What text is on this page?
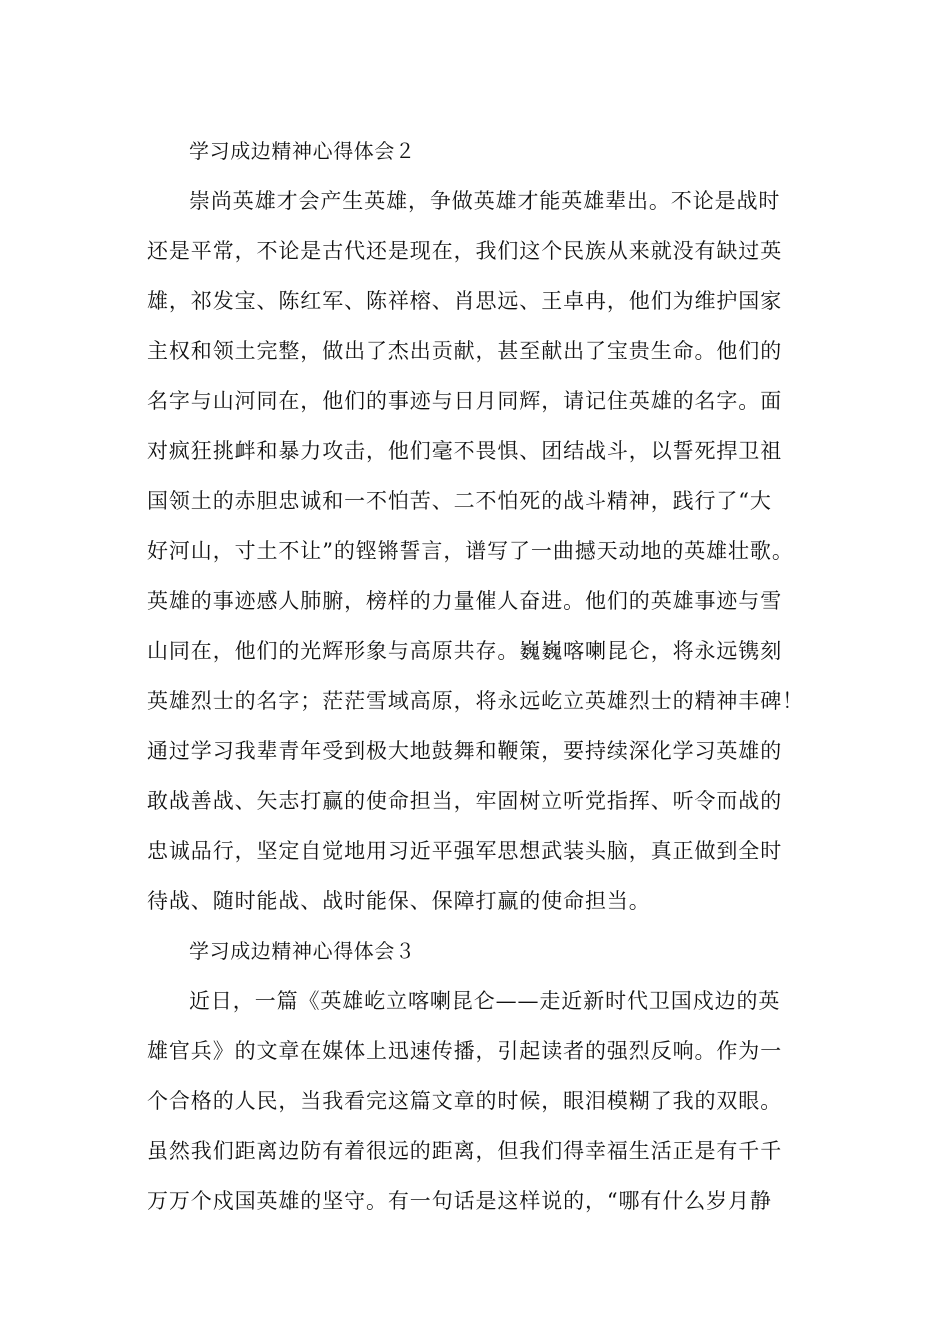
学习成边精神心得体会２
崇尚英雄才会产生英雄，争做英雄才能英雄辈出。不论是战时
还是平常，不论是古代还是现在，我们这个民族从来就没有缺过英
雄，祁发宝、陈红军、陈祥榕、肖思远、王卓冉，他们为维护国家
主权和领土完整，做出了杰出贡献，甚至献出了宝贵生命。他们的
名字与山河同在，他们的事迹与日月同辉，请记住英雄的名字。面
对疯狂挑衅和暴力攻击，他们毫不畏惧、团结战斗，以誓死捍卫祖
国领土的赤胆忠诚和一不怕苦、二不怕死的战斗精神，践行了“大
好河山，寸土不让”的铿锵誓言，谱写了一曲撼天动地的英雄壮歌。
英雄的事迹感人肺腑，榜样的力量催人奋进。他们的英雄事迹与雪
山同在，他们的光辉形象与高原共存。巍巍喀喇昆仑，将永远镌刻
英雄烈士的名字；茫茫雪域高原，将永远屹立英雄烈士的精神丰碑！
通过学习我辈青年受到极大地鼓舞和鞭策，要持续深化学习英雄的
敢战善战、矢志打赢的使命担当，牢固树立听党指挥、听令而战的
忠诚品行，坚定自觉地用习近平强军思想武装头脑，真正做到全时
待战、随时能战、战时能保、保障打赢的使命担当。
学习成边精神心得体会３
近日，一篇《英雄屹立喀喇昆仑——走近新时代卫国戍边的英
雄官兵》的文章在媒体上迅速传播，引起读者的强烈反响。作为一
个合格的人民，当我看完这篇文章的时候，眼泪模糊了我的双眼。
虽然我们距离边防有着很远的距离，但我们得幸福生活正是有千千
万万个戍国英雄的坚守。有一句话是这样说的，“哪有什么岁月静
